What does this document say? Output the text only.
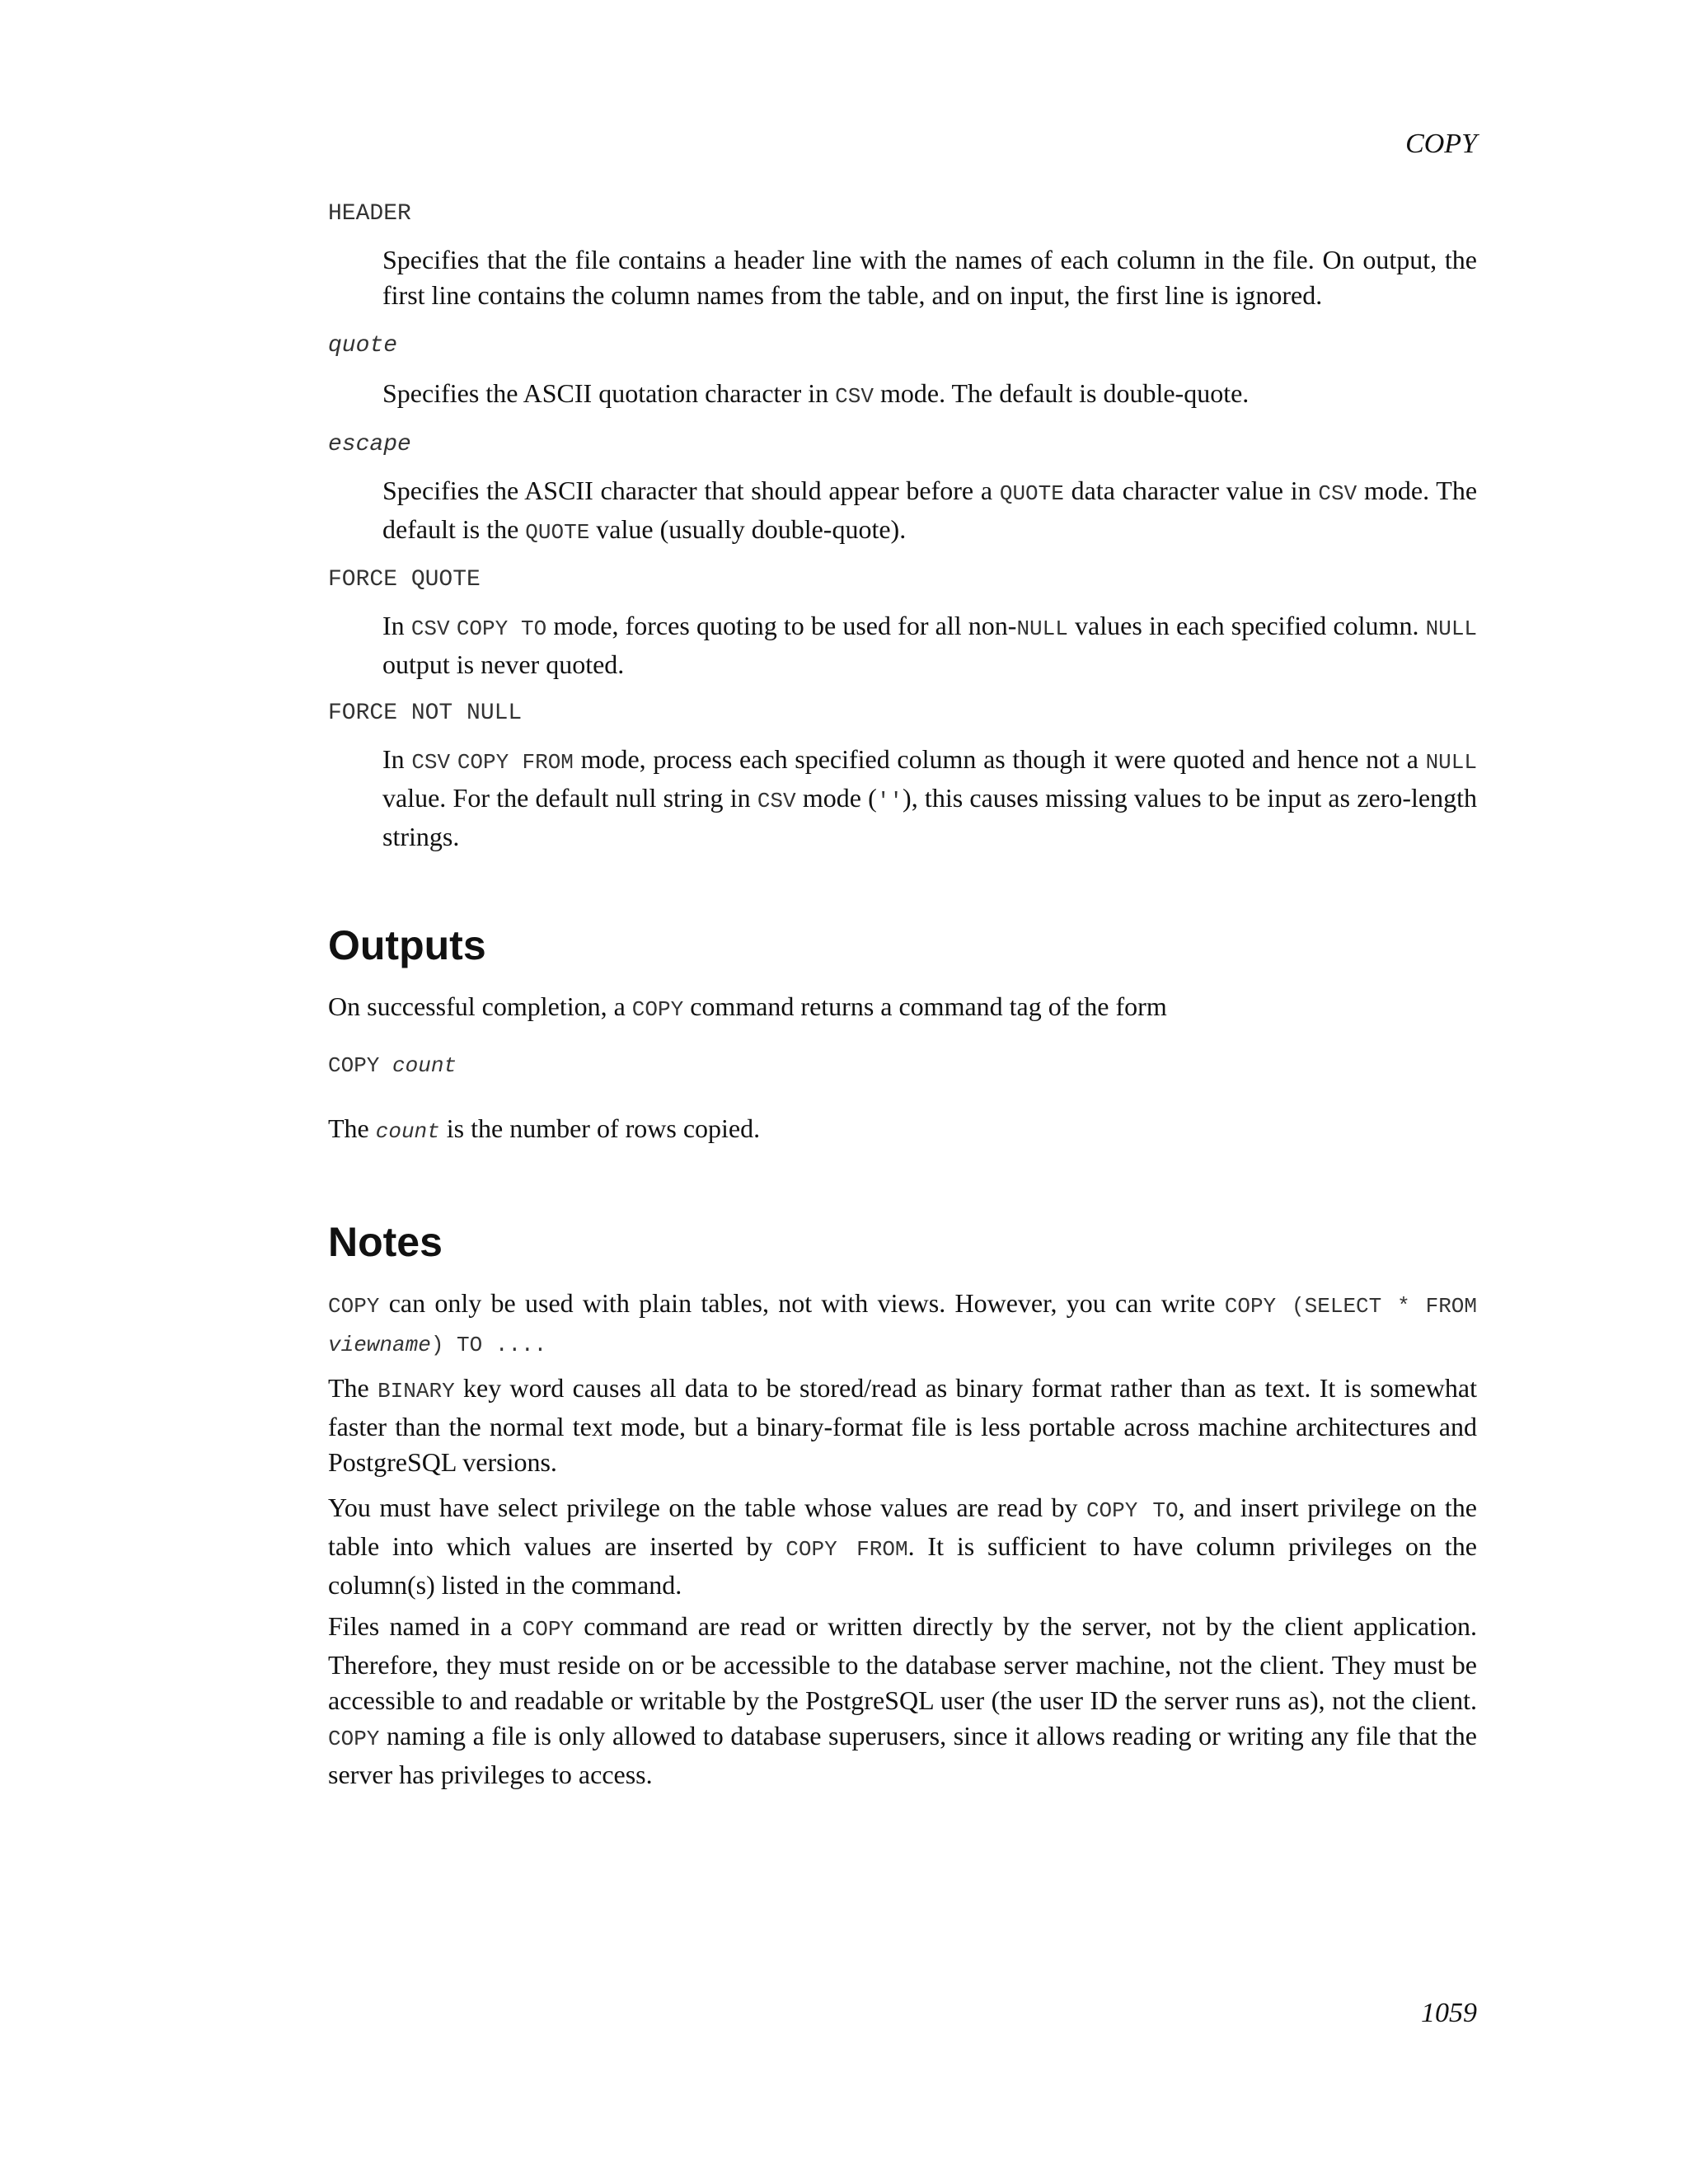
COPY
HEADER

Specifies that the file contains a header line with the names of each column in the file. On output, the first line contains the column names from the table, and on input, the first line is ignored.

quote

Specifies the ASCII quotation character in CSV mode. The default is double-quote.

escape

Specifies the ASCII character that should appear before a QUOTE data character value in CSV mode. The default is the QUOTE value (usually double-quote).

FORCE QUOTE

In CSV COPY TO mode, forces quoting to be used for all non-NULL values in each specified column. NULL output is never quoted.

FORCE NOT NULL

In CSV COPY FROM mode, process each specified column as though it were quoted and hence not a NULL value. For the default null string in CSV mode (''), this causes missing values to be input as zero-length strings.

Outputs

On successful completion, a COPY command returns a command tag of the form

COPY count

The count is the number of rows copied.

Notes

COPY can only be used with plain tables, not with views. However, you can write COPY (SELECT * FROM viewname) TO ....

The BINARY key word causes all data to be stored/read as binary format rather than as text. It is somewhat faster than the normal text mode, but a binary-format file is less portable across machine architectures and PostgreSQL versions.

You must have select privilege on the table whose values are read by COPY TO, and insert privilege on the table into which values are inserted by COPY FROM. It is sufficient to have column privileges on the column(s) listed in the command.

Files named in a COPY command are read or written directly by the server, not by the client application. Therefore, they must reside on or be accessible to the database server machine, not the client. They must be accessible to and readable or writable by the PostgreSQL user (the user ID the server runs as), not the client. COPY naming a file is only allowed to database superusers, since it allows reading or writing any file that the server has privileges to access.

1059
